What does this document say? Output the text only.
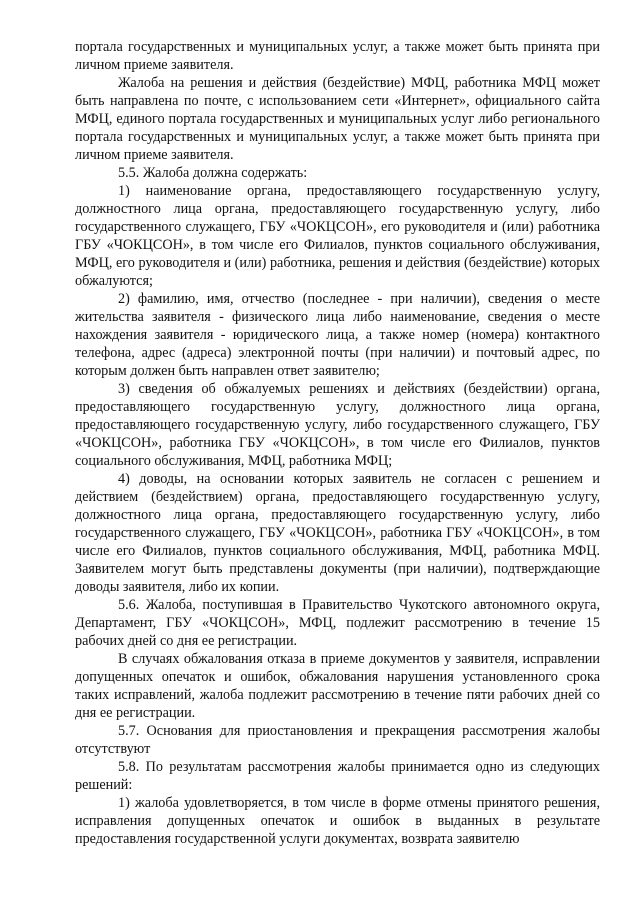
портала государственных и муниципальных услуг, а также может быть принята при личном приеме заявителя.

Жалоба на решения и действия (бездействие) МФЦ, работника МФЦ может быть направлена по почте, с использованием сети «Интернет», официального сайта МФЦ, единого портала государственных и муниципальных услуг либо регионального портала государственных и муниципальных услуг, а также может быть принята при личном приеме заявителя.

5.5. Жалоба должна содержать:

1) наименование органа, предоставляющего государственную услугу, должностного лица органа, предоставляющего государственную услугу, либо государственного служащего, ГБУ «ЧОКЦСОН», его руководителя и (или) работника ГБУ «ЧОКЦСОН», в том числе его Филиалов, пунктов социального обслуживания, МФЦ, его руководителя и (или) работника, решения и действия (бездействие) которых обжалуются;

2) фамилию, имя, отчество (последнее - при наличии), сведения о месте жительства заявителя - физического лица либо наименование, сведения о месте нахождения заявителя - юридического лица, а также номер (номера) контактного телефона, адрес (адреса) электронной почты (при наличии) и почтовый адрес, по которым должен быть направлен ответ заявителю;

3) сведения об обжалуемых решениях и действиях (бездействии) органа, предоставляющего государственную услугу, должностного лица органа, предоставляющего государственную услугу, либо государственного служащего, ГБУ «ЧОКЦСОН», работника ГБУ «ЧОКЦСОН», в том числе его Филиалов, пунктов социального обслуживания, МФЦ, работника МФЦ;

4) доводы, на основании которых заявитель не согласен с решением и действием (бездействием) органа, предоставляющего государственную услугу, должностного лица органа, предоставляющего государственную услугу, либо государственного служащего, ГБУ «ЧОКЦСОН», работника ГБУ «ЧОКЦСОН», в том числе его Филиалов, пунктов социального обслуживания, МФЦ, работника МФЦ. Заявителем могут быть представлены документы (при наличии), подтверждающие доводы заявителя, либо их копии.

5.6. Жалоба, поступившая в Правительство Чукотского автономного округа, Департамент, ГБУ «ЧОКЦСОН», МФЦ, подлежит рассмотрению в течение 15 рабочих дней со дня ее регистрации.

В случаях обжалования отказа в приеме документов у заявителя, исправлении допущенных опечаток и ошибок, обжалования нарушения установленного срока таких исправлений, жалоба подлежит рассмотрению в течение пяти рабочих дней со дня ее регистрации.

5.7. Основания для приостановления и прекращения рассмотрения жалобы отсутствуют

5.8. По результатам рассмотрения жалобы принимается одно из следующих решений:

1) жалоба удовлетворяется, в том числе в форме отмены принятого решения, исправления допущенных опечаток и ошибок в выданных в результате предоставления государственной услуги документах, возврата заявителю
